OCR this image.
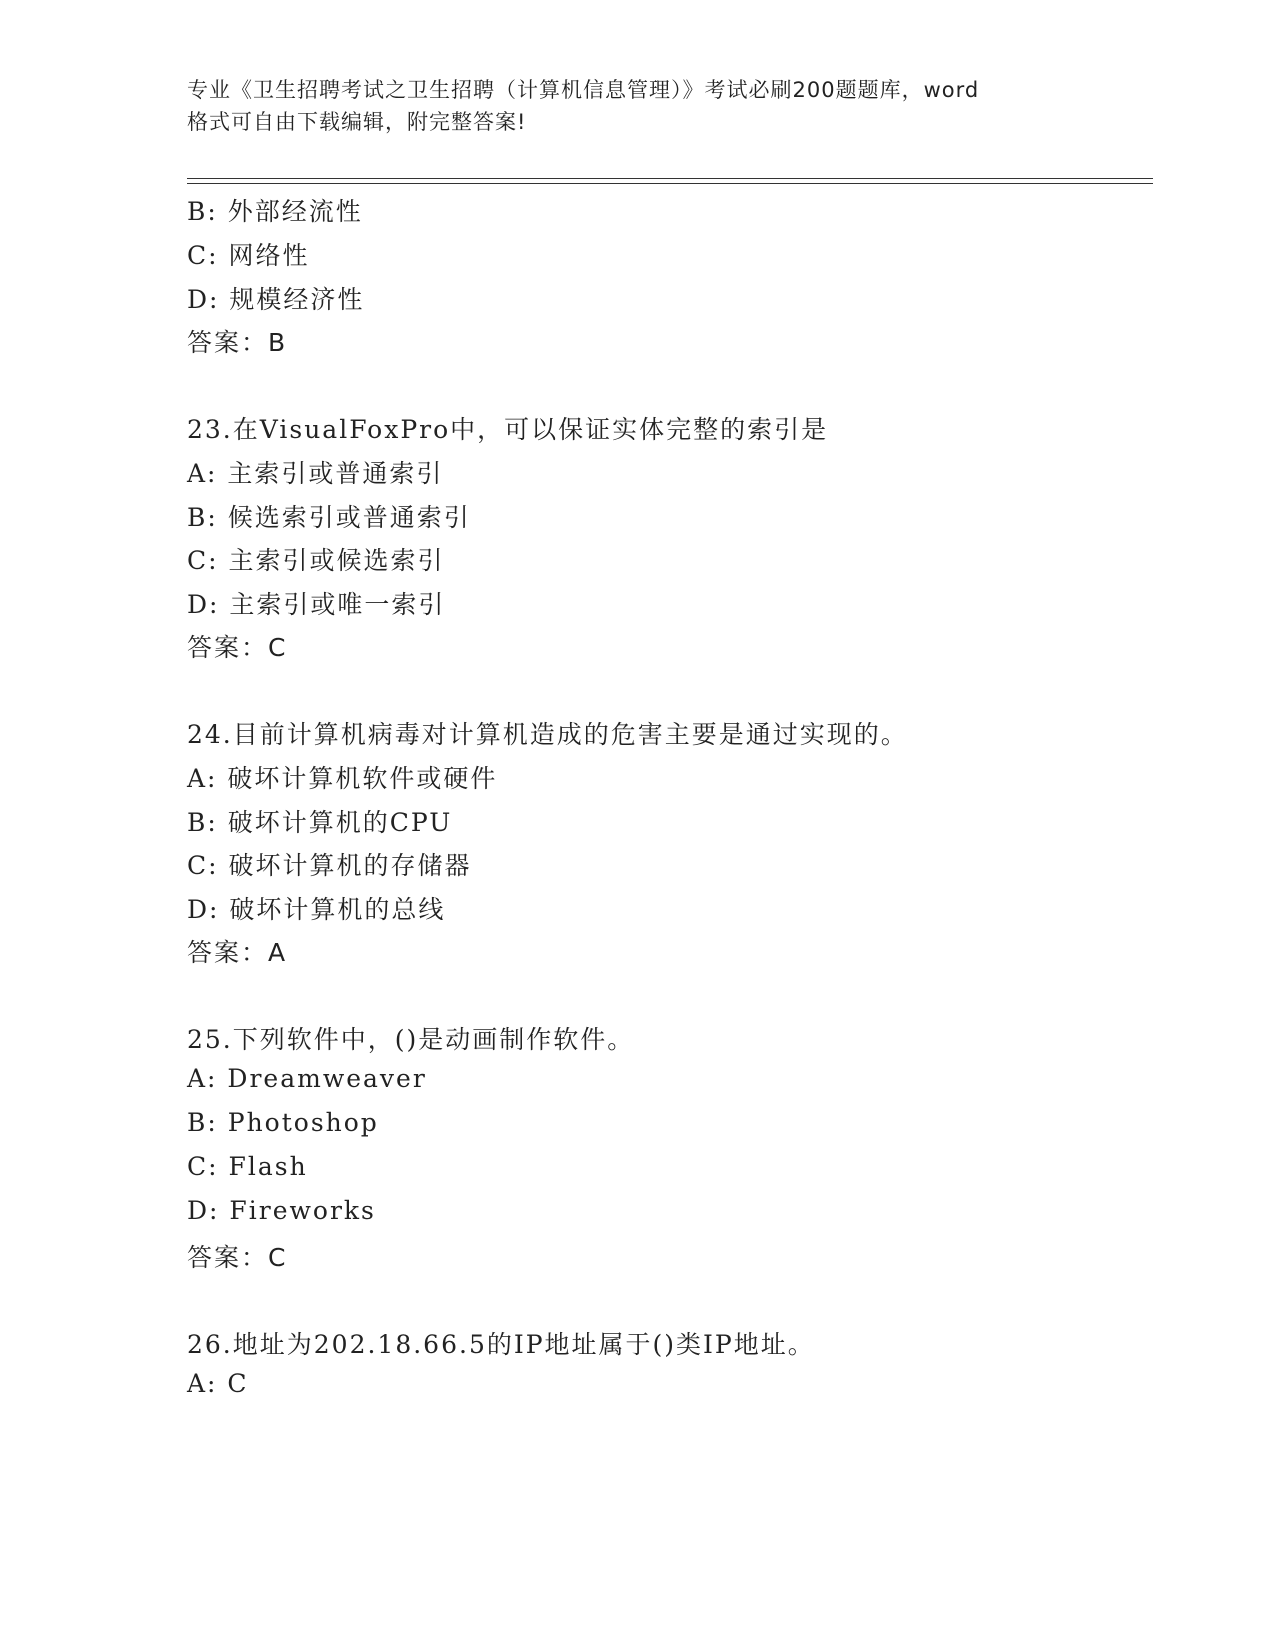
专业《卫生招聘考试之卫生招聘（计算机信息管理）》考试必刷200题题库，word
格式可自由下载编辑，附完整答案!
B: 外部经流性
C: 网络性
D: 规模经济性
答案：B
23.在VisualFoxPro中，可以保证实体完整的索引是
A: 主索引或普通索引
B: 候选索引或普通索引
C: 主索引或候选索引
D: 主索引或唯一索引
答案：C
24.目前计算机病毒对计算机造成的危害主要是通过实现的。
A: 破坏计算机软件或硬件
B: 破坏计算机的CPU
C: 破坏计算机的存储器
D: 破坏计算机的总线
答案：A
25.下列软件中，()是动画制作软件。
A: Dreamweaver
B: Photoshop
C: Flash
D: Fireworks
答案：C
26.地址为202.18.66.5的IP地址属于()类IP地址。
A: C
